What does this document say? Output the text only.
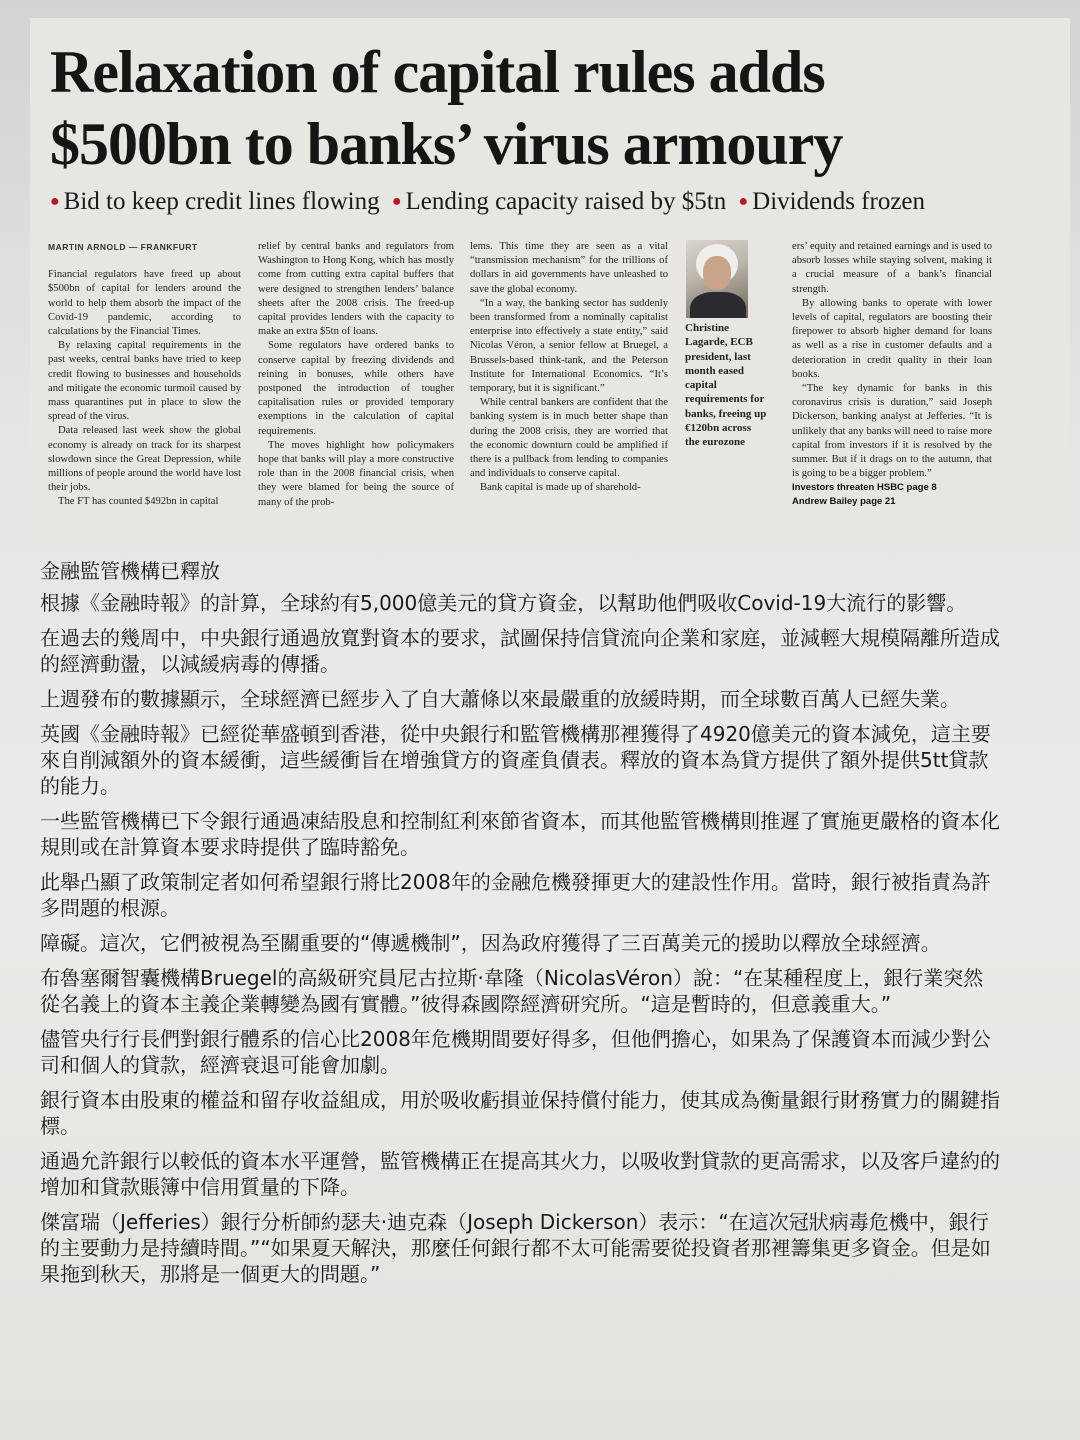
Relaxation of capital rules adds
$500bn to banks’ virus armoury
● Bid to keep credit lines flowing ● Lending capacity raised by $5tn ● Dividends frozen
MARTIN ARNOLD — FRANKFURT

Financial regulators have freed up about $500bn of capital for lenders around the world to help them absorb the impact of the Covid-19 pandemic, according to calculations by the Financial Times.

By relaxing capital requirements in the past weeks, central banks have tried to keep credit flowing to businesses and households and mitigate the economic turmoil caused by mass quarantines put in place to slow the spread of the virus.

Data released last week show the global economy is already on track for its sharpest slowdown since the Great Depression, while millions of people around the world have lost their jobs.

The FT has counted $492bn in capital

relief by central banks and regulators from Washington to Hong Kong, which has mostly come from cutting extra capital buffers that were designed to strengthen lenders’ balance sheets after the 2008 crisis. The freed-up capital provides lenders with the capacity to make an extra $5tn of loans.

Some regulators have ordered banks to conserve capital by freezing dividends and reining in bonuses, while others have postponed the introduction of tougher capitalisation rules or provided temporary exemptions in the calculation of capital requirements.

The moves highlight how policymakers hope that banks will play a more constructive role than in the 2008 financial crisis, when they were blamed for being the source of many of the prob-

lems. This time they are seen as a vital “transmission mechanism” for the trillions of dollars in aid governments have unleashed to save the global economy.

“In a way, the banking sector has suddenly been transformed from a nominally capitalist enterprise into effectively a state entity,” said Nicolas Véron, a senior fellow at Bruegel, a Brussels-based think-tank, and the Peterson Institute for International Economics. “It’s temporary, but it is significant.”

While central bankers are confident that the banking system is in much better shape than during the 2008 crisis, they are worried that the economic downturn could be amplified if there is a pullback from lending to companies and individuals to conserve capital.

Bank capital is made up of sharehold-

Christine Lagarde, ECB president, last month eased capital requirements for banks, freeing up €120bn across the eurozone

ers’ equity and retained earnings and is used to absorb losses while staying solvent, making it a crucial measure of a bank’s financial strength.

By allowing banks to operate with lower levels of capital, regulators are boosting their firepower to absorb higher demand for loans as well as a rise in customer defaults and a deterioration in credit quality in their loan books.

“The key dynamic for banks in this coronavirus crisis is duration,” said Joseph Dickerson, banking analyst at Jefferies. “It is unlikely that any banks will need to raise more capital from investors if it is resolved by the summer. But if it drags on to the autumn, that is going to be a bigger problem.”

Investors threaten HSBC page 8
Andrew Bailey page 21

金融監管機構已釋放

根據《金融時報》的計算，全球約有5,000億美元的貸方資金，以幫助他們吸收Covid-19大流行的影響。

在過去的幾周中，中央銀行通過放寬對資本的要求，試圖保持信貸流向企業和家庭，並減輕大規模隔離所造成的經濟動盪，以減緩病毒的傳播。

上週發布的數據顯示，全球經濟已經步入了自大蕭條以來最嚴重的放緩時期，而全球數百萬人已經失業。

英國《金融時報》已經從華盛頓到香港，從中央銀行和監管機構那裡獲得了4920億美元的資本減免，這主要來自削減額外的資本緩衝，這些緩衝旨在增強貸方的資產負債表。釋放的資本為貸方提供了額外提供5tt貸款的能力。

一些監管機構已下令銀行通過凍結股息和控制紅利來節省資本，而其他監管機構則推遲了實施更嚴格的資本化規則或在計算資本要求時提供了臨時豁免。

此舉凸顯了政策制定者如何希望銀行將比2008年的金融危機發揮更大的建設性作用。當時，銀行被指責為許多問題的根源。

障礙。這次，它們被視為至關重要的“傳遞機制”，因為政府獲得了三百萬美元的援助以釋放全球經濟。

布魯塞爾智囊機構Bruegel的高級研究員尼古拉斯·韋隆（NicolasVéron）說：“在某種程度上，銀行業突然從名義上的資本主義企業轉變為國有實體。”彼得森國際經濟研究所。“這是暫時的，但意義重大。”

儘管央行行長們對銀行體系的信心比2008年危機期間要好得多，但他們擔心，如果為了保護資本而減少對公司和個人的貸款，經濟衰退可能會加劇。

銀行資本由股東的權益和留存收益組成，用於吸收虧損並保持償付能力，使其成為衡量銀行財務實力的關鍵指標。

通過允許銀行以較低的資本水平運營，監管機構正在提高其火力，以吸收對貸款的更高需求，以及客戶違約的增加和貸款賬簿中信用質量的下降。

傑富瑞（Jefferies）銀行分析師約瑟夫·迪克森（Joseph Dickerson）表示：“在這次冠狀病毒危機中，銀行的主要動力是持續時間。”“如果夏天解決，那麼任何銀行都不太可能需要從投資者那裡籌集更多資金。但是如果拖到秋天，那將是一個更大的問題。”
